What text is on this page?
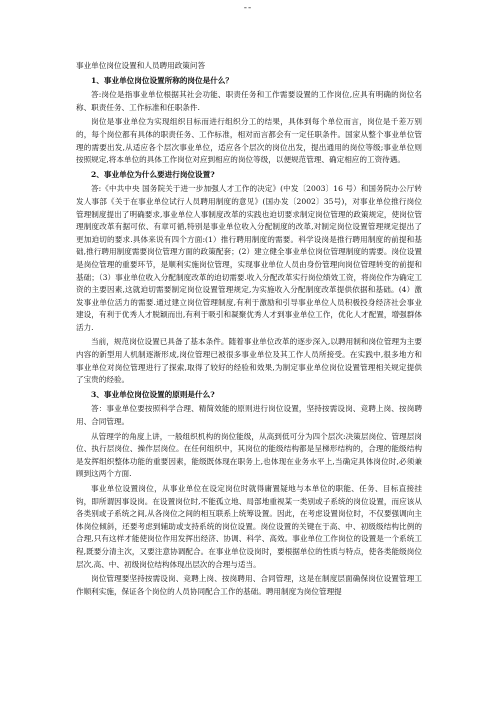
--

事业单位岗位设置和人员聘用政策问答

1、事业单位岗位设置所称的岗位是什么？

答:岗位是指事业单位根据其社会功能、职责任务和工作需要设置的工作岗位,应具有明确的岗位名称、职责任务、工作标准和任职条件.

岗位是事业单位为实现组织目标而进行组织分工的结果，具体到每个单位而言，岗位是千差万别的，每个岗位都有具体的职责任务、工作标准，相对而言都会有一定任职条件。国家从整个事业单位管理的需要出发,从适应各个层次事业单位，适应各个层次的岗位出发，提出通用的岗位等级;事业单位则按照规定,将本单位的具体工作岗位对应到相应的岗位等级，以便规范管理、确定相应的工资待遇。

2、事业单位为什么要进行岗位设置?

答:《中共中央 国务院关于进一步加强人才工作的决定》(中发〔2003〕16 号）和国务院办公厅转发人事部《关于在事业单位试行人员聘用制度的意见》(国办发〔2002〕35号)，对事业单位推行岗位管理制度提出了明确要求,事业单位人事制度改革的实践也迫切要求制定岗位管理的政策规定，使岗位管理制度改革有据可依、有章可循,特别是事业单位收入分配制度的改革,对制定岗位设置管理规定提出了更加迫切的要求.具体来说有四个方面:(1）推行聘用制度的需要。科学设岗是推行聘用制度的前提和基础,推行聘用制度需要岗位管理方面的政策配套；(2）建立健全事业单位岗位管理制度的需要。岗位设置是岗位管理的重要环节，是顺利实施岗位管理，实现事业单位人员由身份管理向岗位管理转变的前提和基础；（3）事业单位收入分配制度改革的迫切需要.收入分配改革实行岗位绩效工资，将岗位作为确定工资的主要因素,这就迫切需要制定岗位设置管理规定,为实施收入分配制度改革提供依据和基础。(4）激发事业单位活力的需要.通过建立岗位管理制度,有利于激励和引导事业单位人员积极投身经济社会事业建设，有利于优秀人才脱颖而出,有利于吸引和凝聚优秀人才到事业单位工作，优化人才配置，增强群体活力.

当前，规范岗位设置已具备了基本条件。随着事业单位改革的逐步深入,以聘用制和岗位管理为主要内容的新型用人机制逐渐形成,岗位管理已被很多事业单位及其工作人员所接受。在实践中,很多地方和事业单位对岗位管理进行了探索,取得了较好的经验和效果,为制定事业单位岗位设置管理相关规定提供了宝贵的经验。

3、事业单位岗位设置的原则是什么?

答：事业单位要按照科学合理、精简效能的原则进行岗位设置，坚持按需设岗、竞聘上岗、按岗聘用、合同管理。

从管理学的角度上讲，一般组织机构的岗位能级，从高到低可分为四个层次:决策层岗位、管理层岗位、执行层岗位、操作层岗位。在任何组织中，其岗位的能级结构都是呈梯形结构的，合理的能级结构是发挥组织整体功能的重要因素，能级既体现在职务上,也体现在业务水平上,当确定具体岗位时,必须兼顾到这两个方面.

事业单位设置岗位，从事业单位在设定岗位时就得庸置疑地与本单位的职能、任务、目标直接挂钩，即所谓因事设岗。在设置岗位时,不能孤立地、局部地重视某一类别或子系统的岗位设置，而应该从各类别或子系统之间,从各岗位之间的相互联系上统筹设置。因此，在考虑设置岗位时，不仅要强调向主体岗位倾斜，还要考虑到辅助或支持系统的岗位设置。岗位设置的关键在于高、中、初级级结构比例的合理,只有这样才能使岗位作用发挥出经济、协调、科学、高效。事业单位工作岗位的设置是一个系统工程,既要分清主次，又要注意协调配合。在事业单位设岗时，要根据单位的性质与特点，使各类能级岗位层次,高、中、初级岗位结构体现出层次的合理与适当。

岗位管理要坚持按需设岗、竞聘上岗、按岗聘用、合同管理，这是在制度层面确保岗位设置管理工作顺利实施，保证各个岗位的人员协同配合工作的基础。聘用制度为岗位管理提
